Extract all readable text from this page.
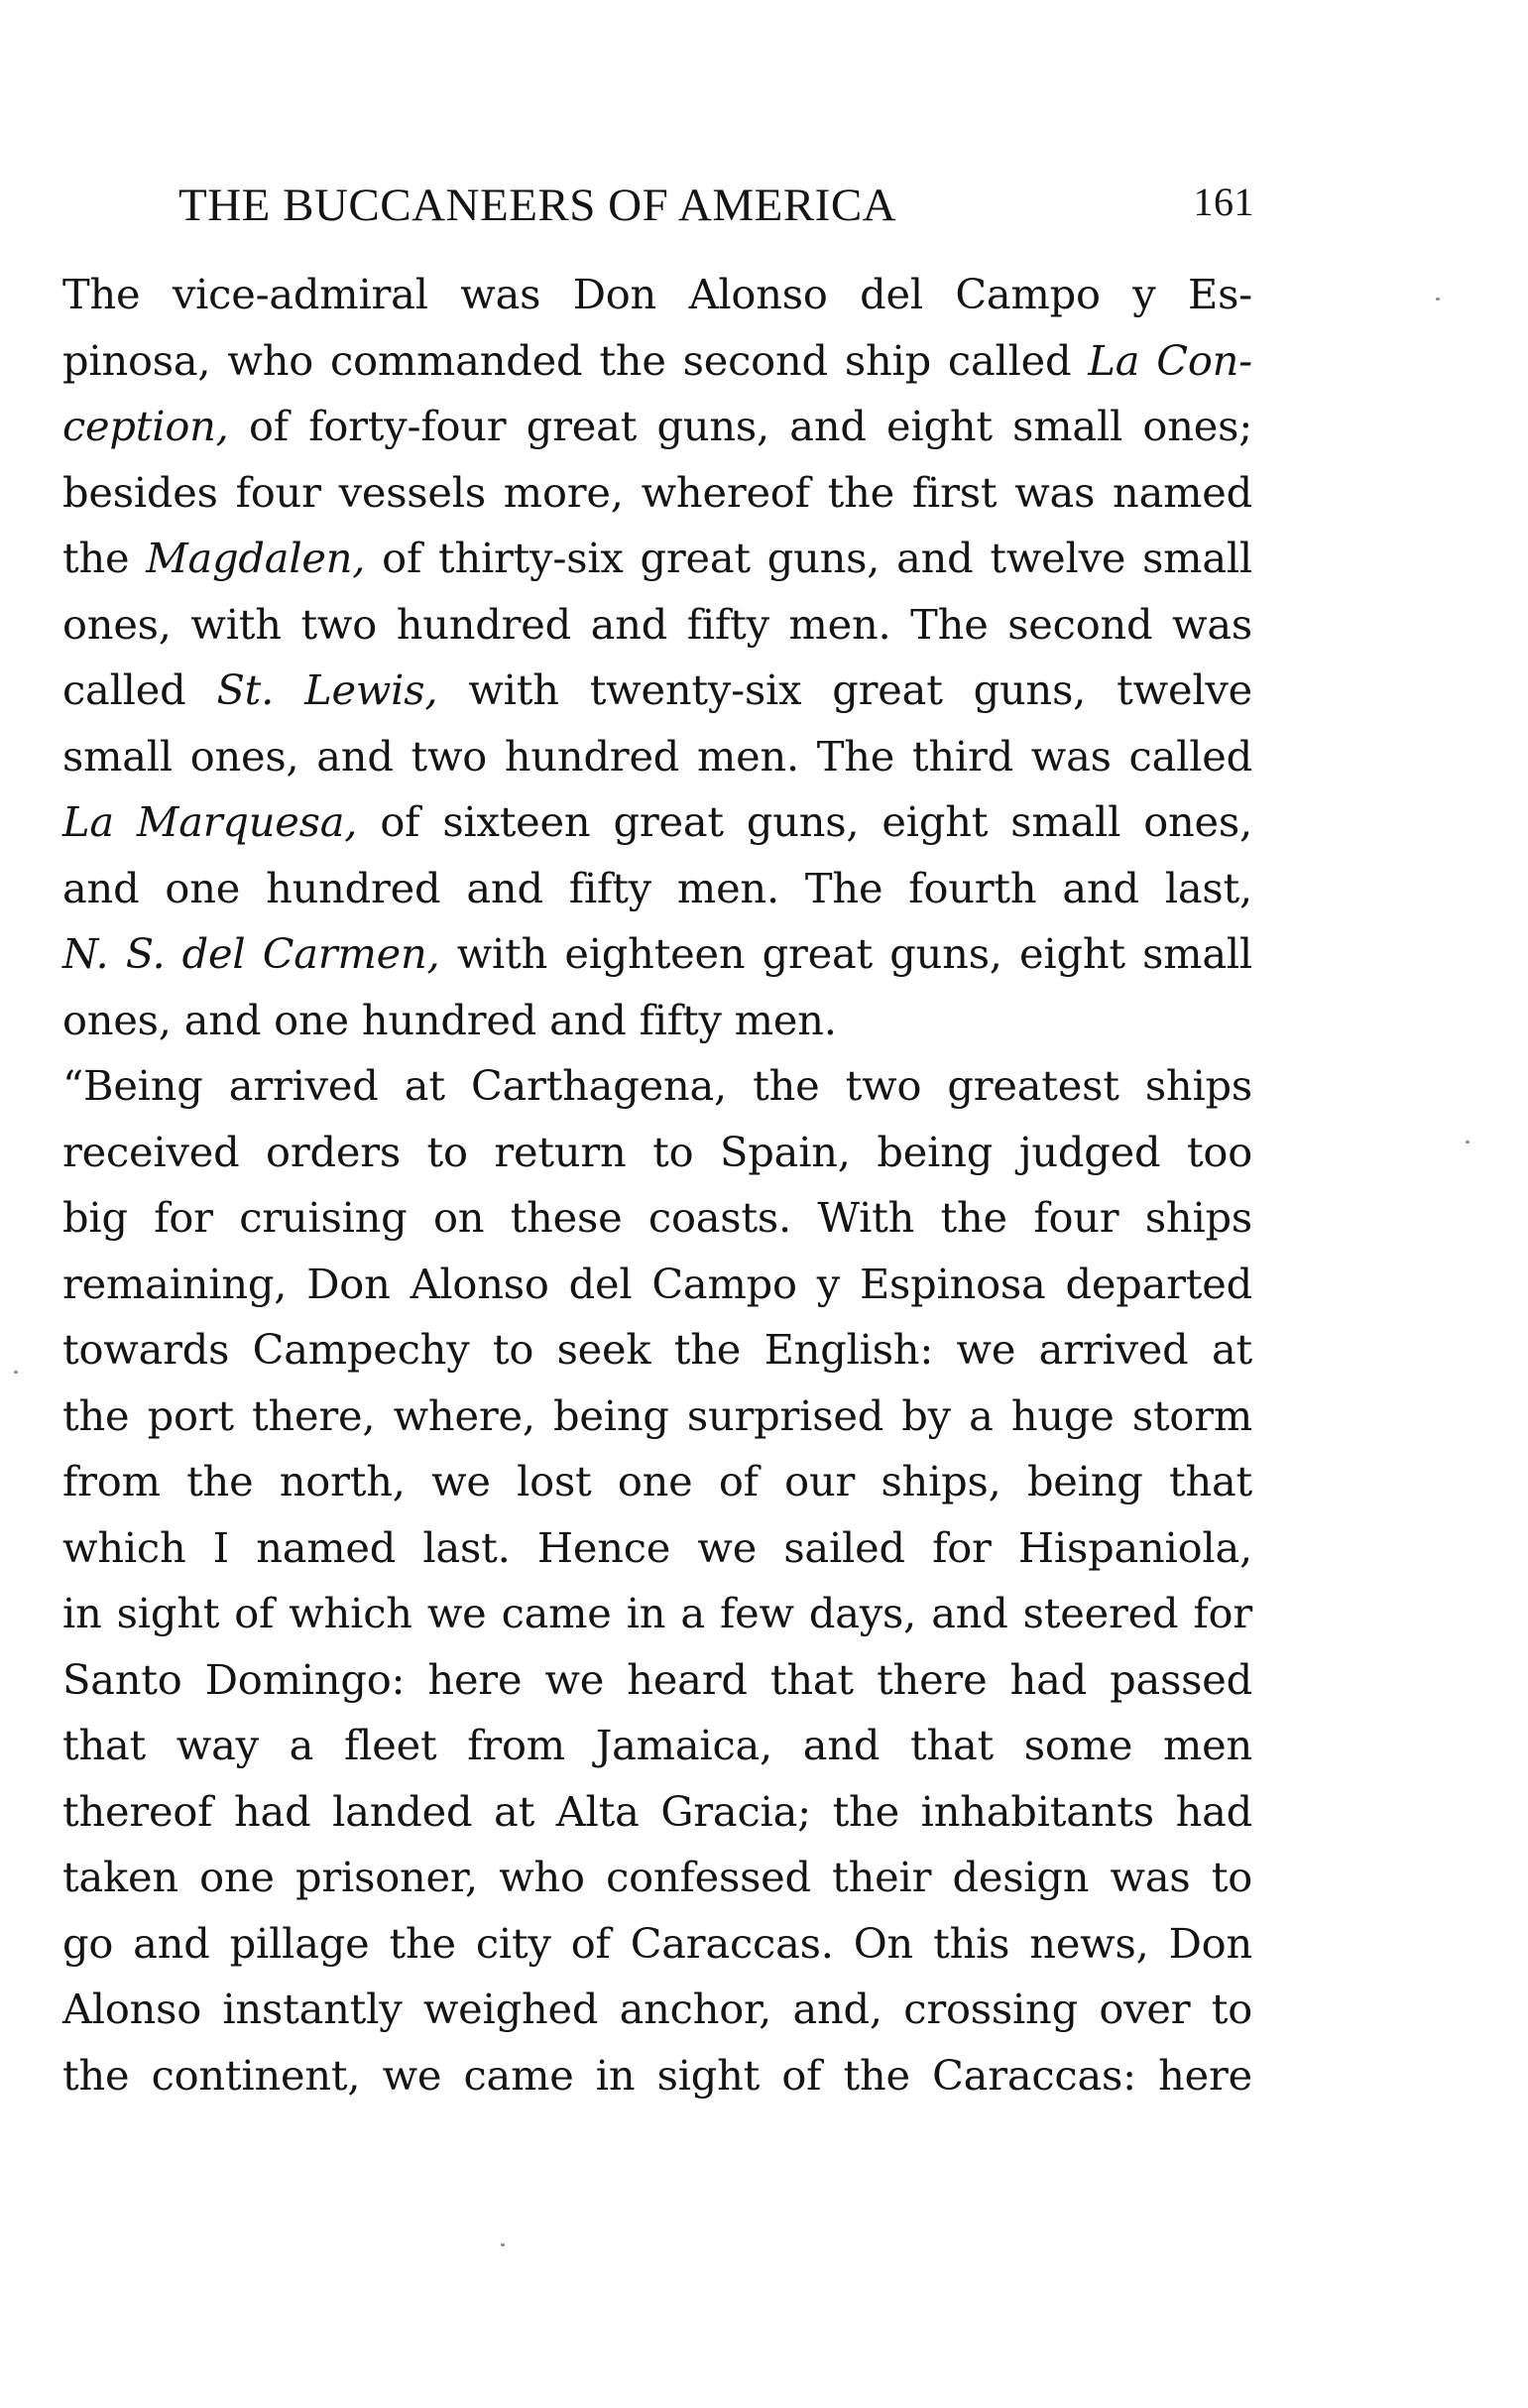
THE BUCCANEERS OF AMERICA	161
The vice-admiral was Don Alonso del Campo y Es-
pinosa, who commanded the second ship called La Con-
ception, of forty-four great guns, and eight small ones;
besides four vessels more, whereof the first was named
the Magdalen, of thirty-six great guns, and twelve small
ones, with two hundred and fifty men. The second was
called St. Lewis, with twenty-six great guns, twelve
small ones, and two hundred men. The third was called
La Marquesa, of sixteen great guns, eight small ones,
and one hundred and fifty men. The fourth and last,
N. S. del Carmen, with eighteen great guns, eight small
ones, and one hundred and fifty men.
“Being arrived at Carthagena, the two greatest ships
received orders to return to Spain, being judged too
big for cruising on these coasts. With the four ships
remaining, Don Alonso del Campo y Espinosa departed
towards Campechy to seek the English: we arrived at
the port there, where, being surprised by a huge storm
from the north, we lost one of our ships, being that
which I named last. Hence we sailed for Hispaniola,
in sight of which we came in a few days, and steered for
Santo Domingo: here we heard that there had passed
that way a fleet from Jamaica, and that some men
thereof had landed at Alta Gracia; the inhabitants had
taken one prisoner, who confessed their design was to
go and pillage the city of Caraccas. On this news, Don
Alonso instantly weighed anchor, and, crossing over to
the continent, we came in sight of the Caraccas: here
